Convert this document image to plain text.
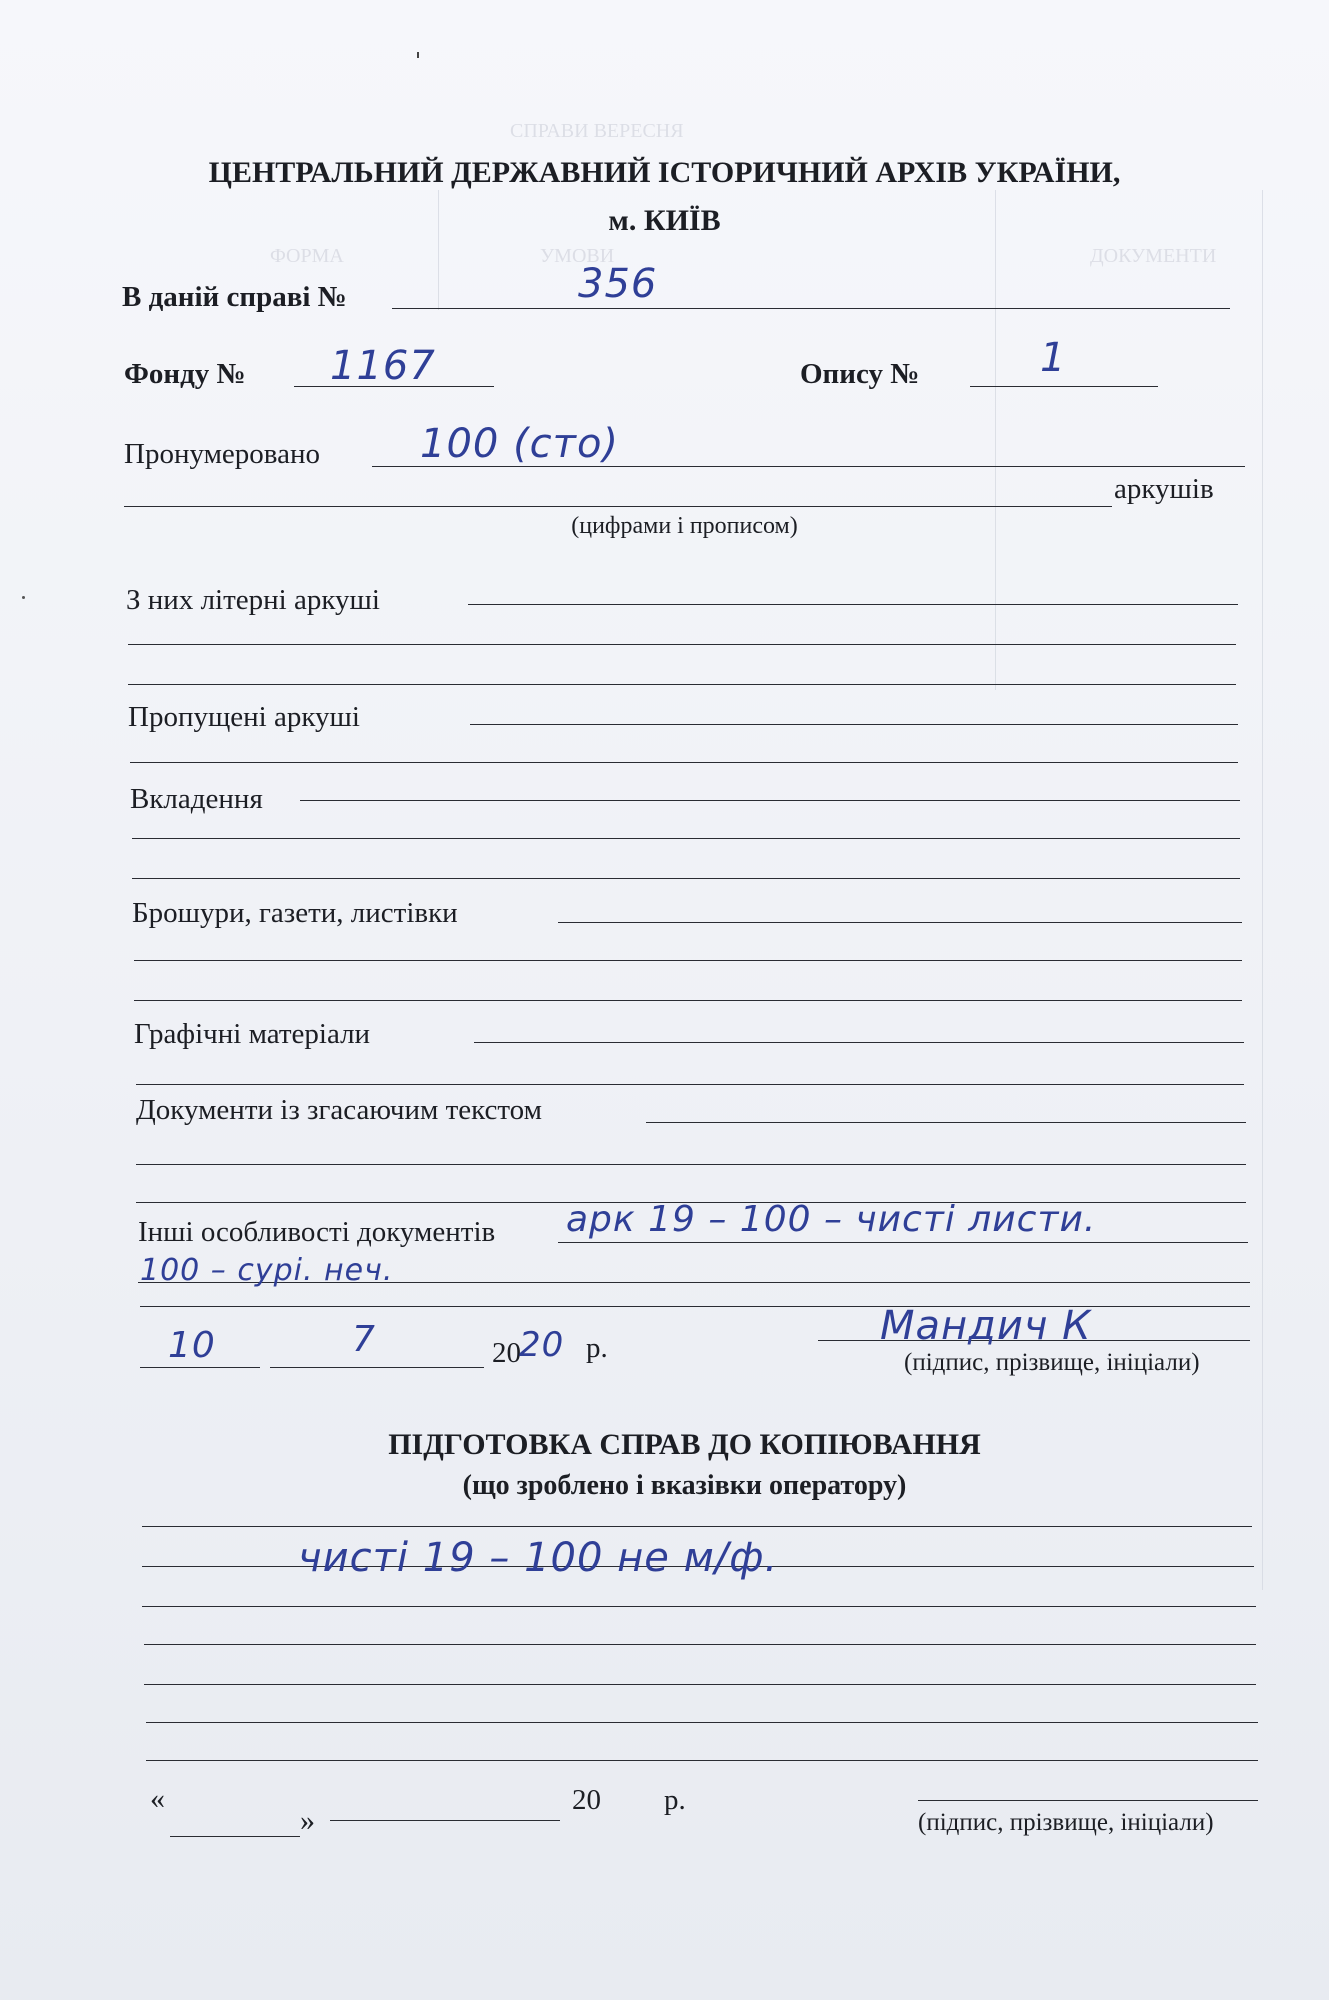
СПРАВИ ВЕРЕСНЯ
ФОРМА	УМОВИ	ДОКУМЕНТИ
ЦЕНТРАЛЬНИЙ ДЕРЖАВНИЙ ІСТОРИЧНИЙ АРХІВ УКРАЇНИ,
м. КИЇВ
В даній справі №	356
Фонду № 1167	Опису №	1
Пронумеровано 100 (сто)
аркушів
(цифрами і прописом)
З них літерні аркуші
Пропущені аркуші
Вкладення
Брошури, газети, листівки
Графічні матеріали
Документи із згасаючим текстом
Інші особливості документів арк 19 – 100 – чисті листи.
100 – сурі. неч.
10	7	2020 р.	Мандич К
(підпис, прізвище, ініціали)
ПІДГОТОВКА СПРАВ ДО КОПІЮВАННЯ
(що зроблено і вказівки оператору)
чисті 19 – 100 не м/ф.
«
»
20 р.
(підпис, прізвище, ініціали)
